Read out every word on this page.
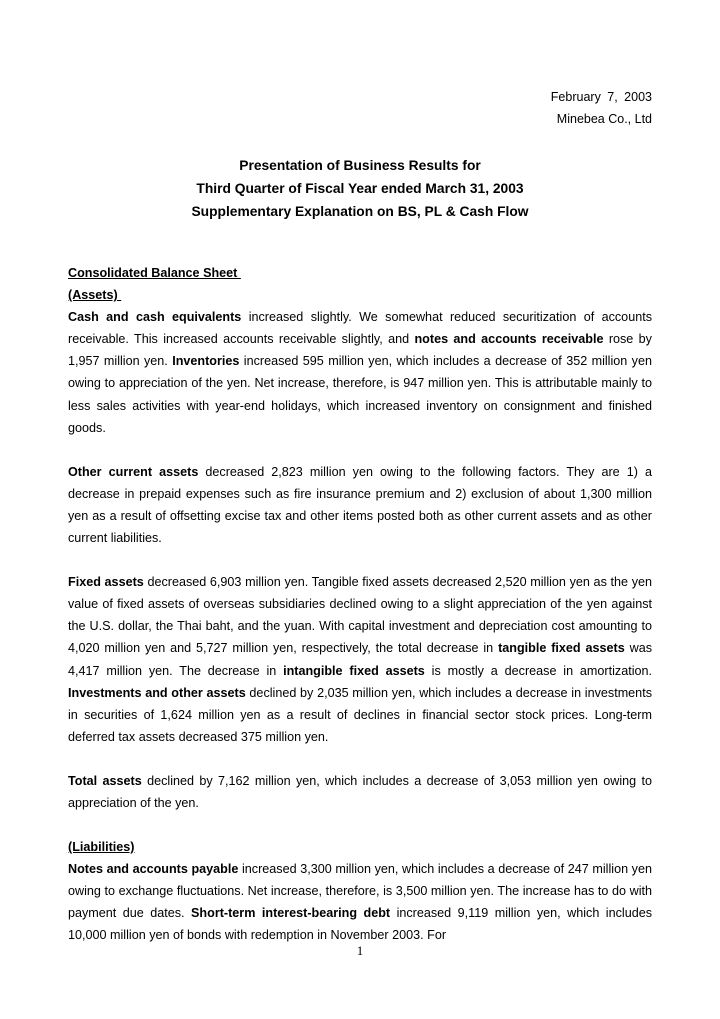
February 7, 2003
Minebea Co., Ltd
Presentation of Business Results for
Third Quarter of Fiscal Year ended March 31, 2003
Supplementary Explanation on BS, PL & Cash Flow
Consolidated Balance Sheet
(Assets)

Cash and cash equivalents increased slightly. We somewhat reduced securitization of accounts receivable. This increased accounts receivable slightly, and notes and accounts receivable rose by 1,957 million yen. Inventories increased 595 million yen, which includes a decrease of 352 million yen owing to appreciation of the yen. Net increase, therefore, is 947 million yen. This is attributable mainly to less sales activities with year-end holidays, which increased inventory on consignment and finished goods.

Other current assets decreased 2,823 million yen owing to the following factors. They are 1) a decrease in prepaid expenses such as fire insurance premium and 2) exclusion of about 1,300 million yen as a result of offsetting excise tax and other items posted both as other current assets and as other current liabilities.

Fixed assets decreased 6,903 million yen. Tangible fixed assets decreased 2,520 million yen as the yen value of fixed assets of overseas subsidiaries declined owing to a slight appreciation of the yen against the U.S. dollar, the Thai baht, and the yuan. With capital investment and depreciation cost amounting to 4,020 million yen and 5,727 million yen, respectively, the total decrease in tangible fixed assets was 4,417 million yen. The decrease in intangible fixed assets is mostly a decrease in amortization. Investments and other assets declined by 2,035 million yen, which includes a decrease in investments in securities of 1,624 million yen as a result of declines in financial sector stock prices. Long-term deferred tax assets decreased 375 million yen.

Total assets declined by 7,162 million yen, which includes a decrease of 3,053 million yen owing to appreciation of the yen.

(Liabilities)

Notes and accounts payable increased 3,300 million yen, which includes a decrease of 247 million yen owing to exchange fluctuations. Net increase, therefore, is 3,500 million yen. The increase has to do with payment due dates. Short-term interest-bearing debt increased 9,119 million yen, which includes 10,000 million yen of bonds with redemption in November 2003. For

1
